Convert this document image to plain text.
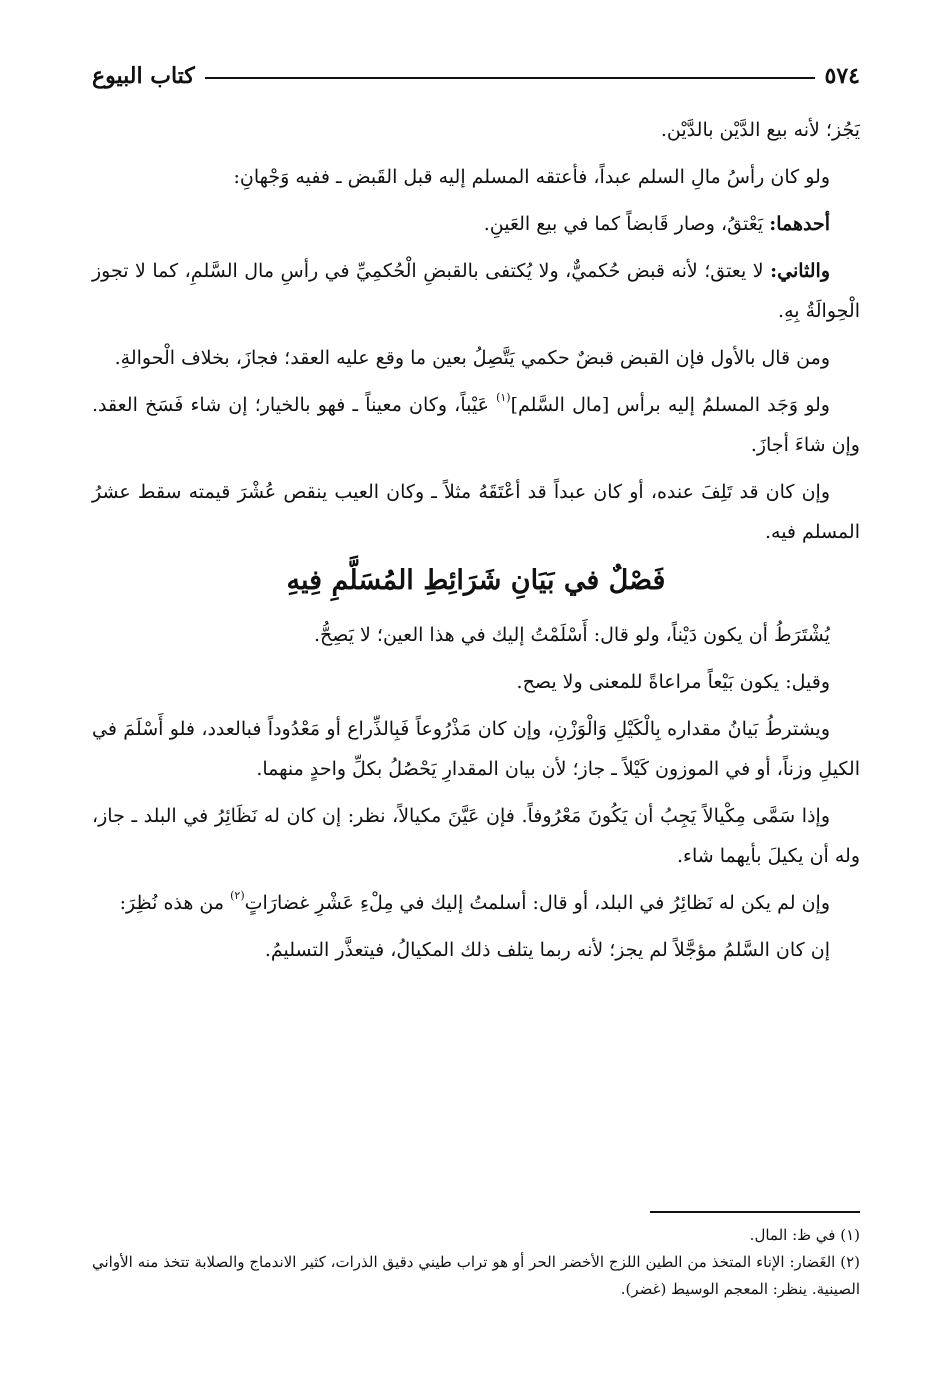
٥٧٤
كتاب البيوع

يَجُز؛ لأنه بيع الدَّيْن بالدَّيْن.

ولو كان رأسُ مالِ السلم عبداً، فأعتقه المسلم إليه قبل القَبض ـ ففيه وَجْهانِ:

أحدهما: يَعْتقُ، وصار قَابضاً كما في بيع العَينِ.

والثاني: لا يعتق؛ لأنه قبض حُكميٌّ، ولا يُكتفى بالقبضِ الْحُكمِيِّ في رأسِ مال السَّلمِ، كما لا تجوز الْحِوالَةُ بِهِ.

ومن قال بالأول فإن القبض قبضٌ حكمي يَتَّصِلُ بعين ما وقع عليه العقد؛ فجازَ، بخلاف الْحوالةِ.

ولو وَجَد المسلمُ إليه برأس [مال السَّلم]$^{(١)}$ عَيْباً، وكان معيناً ـ فهو بالخيار؛ إن شاء فَسَخ العقد. وإن شاءَ أجازَ.

وإن كان قد تَلِفَ عنده، أو كان عبداً قد أعْتَقَهُ مثلاً ـ وكان العيب ينقص عُشْرَ قيمته سقط عشرُ المسلم فيه.

فَصْلٌ في بَيَانِ شَرَائِطِ المُسَلَّمِ فِيهِ

يُشْتَرَطُ أن يكون دَيْناً، ولو قال: أَسْلَمْتُ إليك في هذا العين؛ لا يَصِحُّ.

وقيل: يكون بَيْعاً مراعاةً للمعنى ولا يصح.

ويشترطُ بَيانُ مقداره بِالْكَيْلِ وَالْوَزْنِ، وإن كان مَذْرُوعاً فَبِالذِّراع أو مَعْدُوداً فبالعدد، فلو أَسْلَمَ في الكيلِ وزناً، أو في الموزون كَيْلاً ـ جاز؛ لأن بيان المقدارِ يَحْصُلُ بكلِّ واحدٍ منهما.

وإذا سَمَّى مِكْيالاً يَجِبُ أن يَكُونَ مَعْرُوفاً. فإن عَيَّنَ مكيالاً، نظر: إن كان له نَظَائِرُ في البلد ـ جاز، وله أن يكيلَ بأيهما شاء.

وإن لم يكن له نَظائِرُ في البلد، أو قال: أسلمتُ إليك في مِلْءِ عَشْرِ غضارَاتٍ$^{(٢)}$ من هذه نُظِرَ:

إن كان السَّلمُ مؤجَّلاً لم يجز؛ لأنه ربما يتلف ذلك المكيالُ، فيتعذَّر التسليمُ.

(١) في ظ: المال.

(٢) الغَضار: الإناء المتخذ من الطين اللزج الأخضر الحر أو هو تراب طيني دقيق الذرات، كثير الاندماج والصلابة تتخذ منه الأواني الصينية. ينظر: المعجم الوسيط (غضر).
